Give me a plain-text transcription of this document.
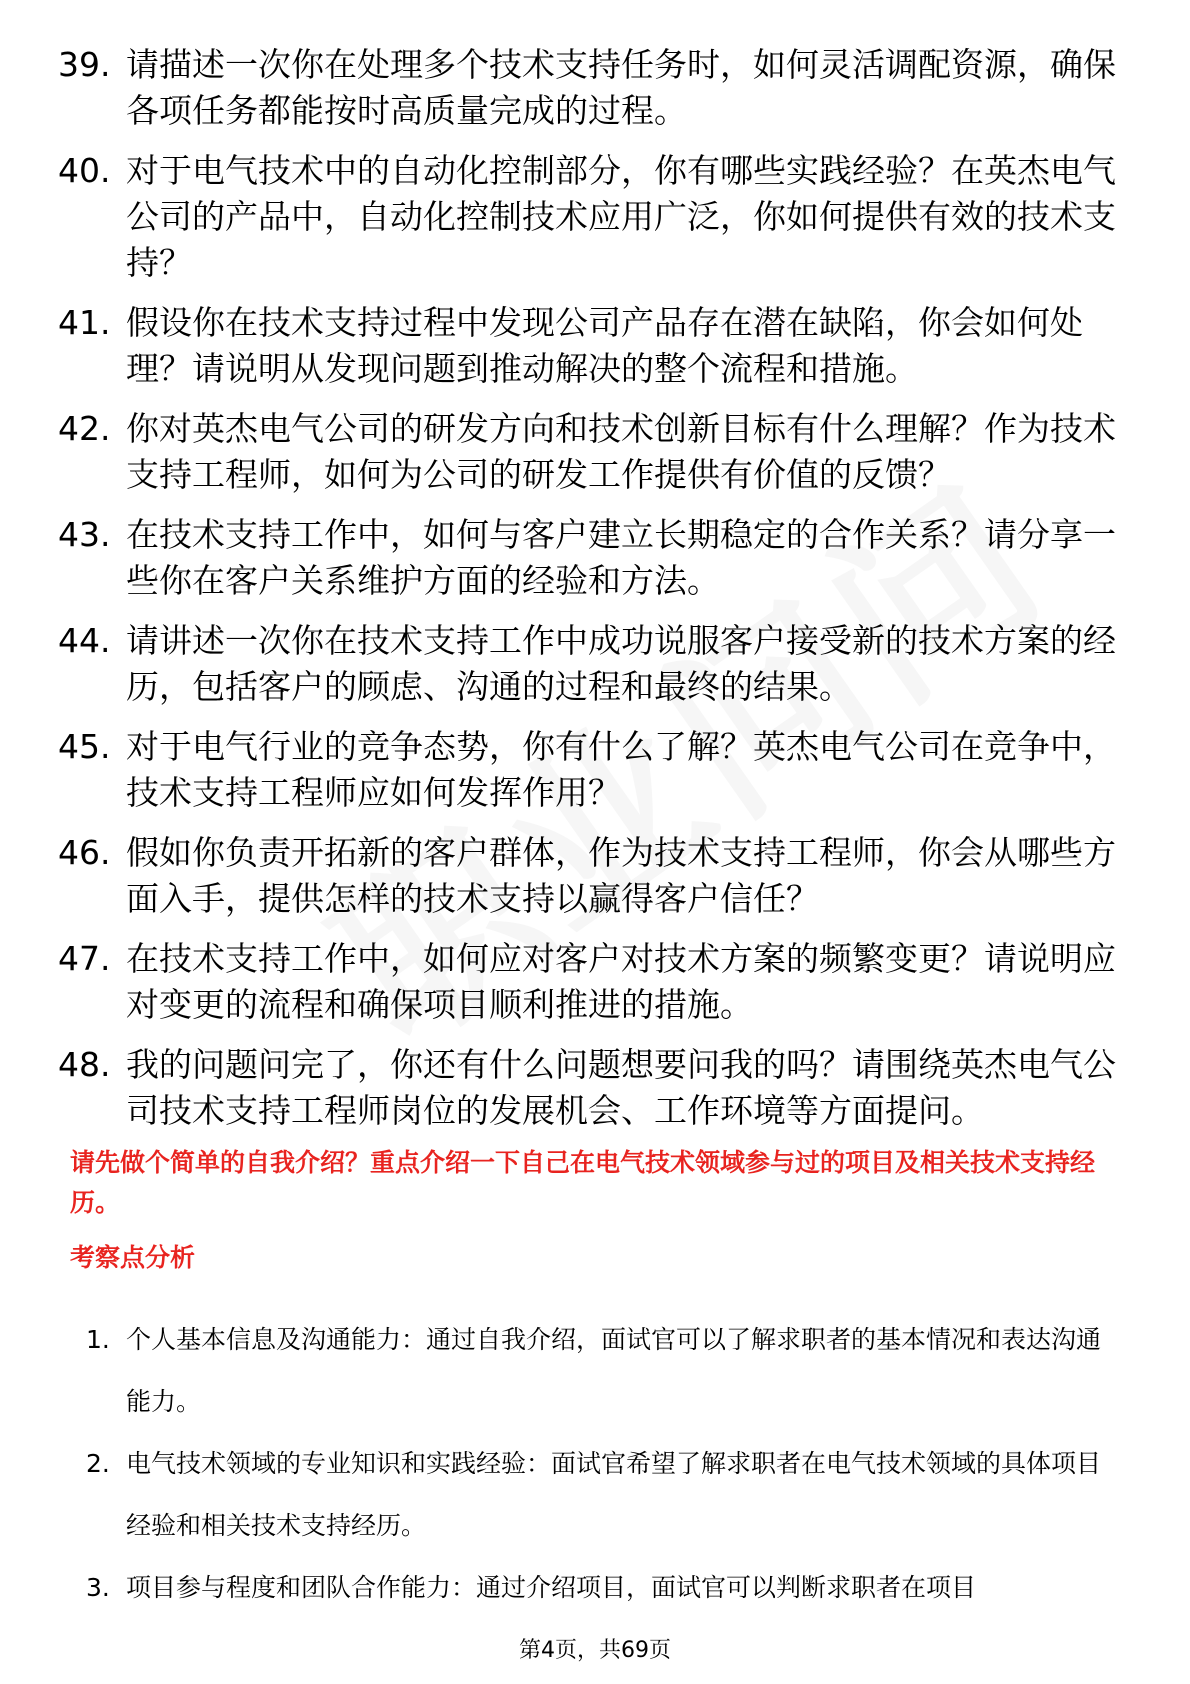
39. 请描述一次你在处理多个技术支持任务时，如何灵活调配资源，确保各项任务都能按时高质量完成的过程。
40. 对于电气技术中的自动化控制部分，你有哪些实践经验？在英杰电气公司的产品中，自动化控制技术应用广泛，你如何提供有效的技术支持？
41. 假设你在技术支持过程中发现公司产品存在潜在缺陷，你会如何处理？请说明从发现问题到推动解决的整个流程和措施。
42. 你对英杰电气公司的研发方向和技术创新目标有什么理解？作为技术支持工程师，如何为公司的研发工作提供有价值的反馈？
43. 在技术支持工作中，如何与客户建立长期稳定的合作关系？请分享一些你在客户关系维护方面的经验和方法。
44. 请讲述一次你在技术支持工作中成功说服客户接受新的技术方案的经历，包括客户的顾虑、沟通的过程和最终的结果。
45. 对于电气行业的竞争态势，你有什么了解？英杰电气公司在竞争中，技术支持工程师应如何发挥作用？
46. 假如你负责开拓新的客户群体，作为技术支持工程师，你会从哪些方面入手，提供怎样的技术支持以赢得客户信任？
47. 在技术支持工作中，如何应对客户对技术方案的频繁变更？请说明应对变更的流程和确保项目顺利推进的措施。
48. 我的问题问完了，你还有什么问题想要问我的吗？请围绕英杰电气公司技术支持工程师岗位的发展机会、工作环境等方面提问。
请先做个简单的自我介绍？重点介绍一下自己在电气技术领域参与过的项目及相关技术支持经历。
考察点分析
1. 个人基本信息及沟通能力：通过自我介绍，面试官可以了解求职者的基本情况和表达沟通能力。
2. 电气技术领域的专业知识和实践经验：面试官希望了解求职者在电气技术领域的具体项目经验和相关技术支持经历。
3. 项目参与程度和团队合作能力：通过介绍项目，面试官可以判断求职者在项目
第4页，共69页
